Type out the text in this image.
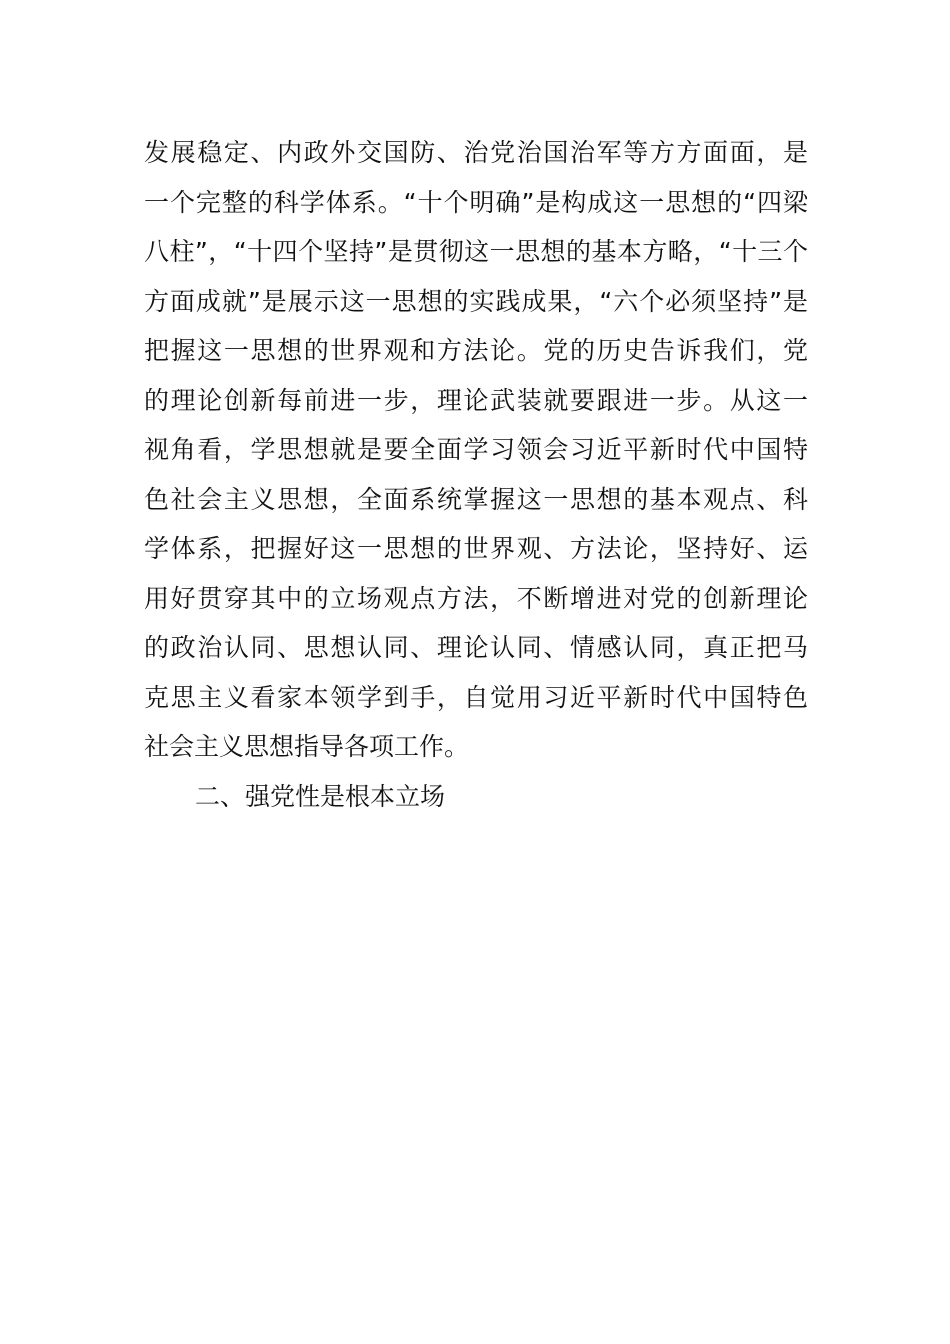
发展稳定、内政外交国防、治党治国治军等方方面面，是
一个完整的科学体系。“十个明确”是构成这一思想的“四梁
八柱”，“十四个坚持”是贯彻这一思想的基本方略，“十三个
方面成就”是展示这一思想的实践成果，“六个必须坚持”是
把握这一思想的世界观和方法论。党的历史告诉我们，党
的理论创新每前进一步，理论武装就要跟进一步。从这一
视角看，学思想就是要全面学习领会习近平新时代中国特
色社会主义思想，全面系统掌握这一思想的基本观点、科
学体系，把握好这一思想的世界观、方法论，坚持好、运
用好贯穿其中的立场观点方法，不断增进对党的创新理论
的政治认同、思想认同、理论认同、情感认同，真正把马
克思主义看家本领学到手，自觉用习近平新时代中国特色
社会主义思想指导各项工作。
二、强党性是根本立场
